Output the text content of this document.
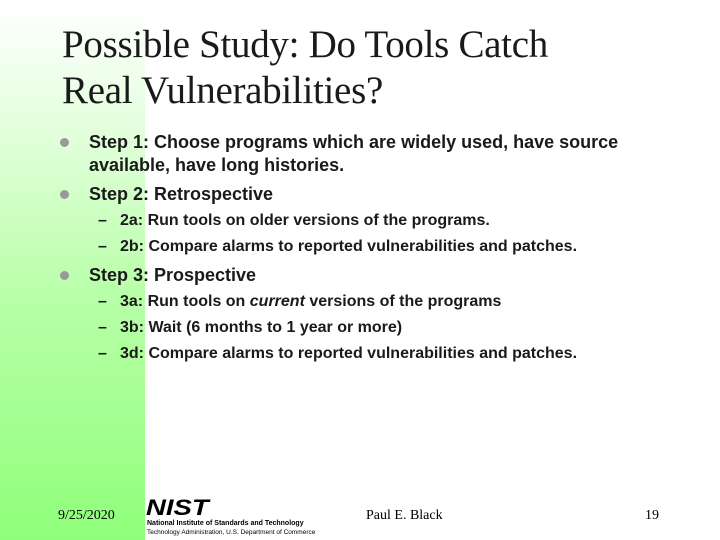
Possible Study: Do Tools Catch
Real Vulnerabilities?
Step 1: Choose programs which are widely used, have source available, have long histories.
Step 2: Retrospective
– 2a: Run tools on older versions of the programs.
– 2b: Compare alarms to reported vulnerabilities and patches.
Step 3: Prospective
– 3a: Run tools on current versions of the programs
– 3b: Wait (6 months to 1 year or more)
– 3d: Compare alarms to reported vulnerabilities and patches.
9/25/2020 NIST
National Institute of Standards and Technology
Technology Administration, U.S. Department of Commerce
Paul E. Black	19
